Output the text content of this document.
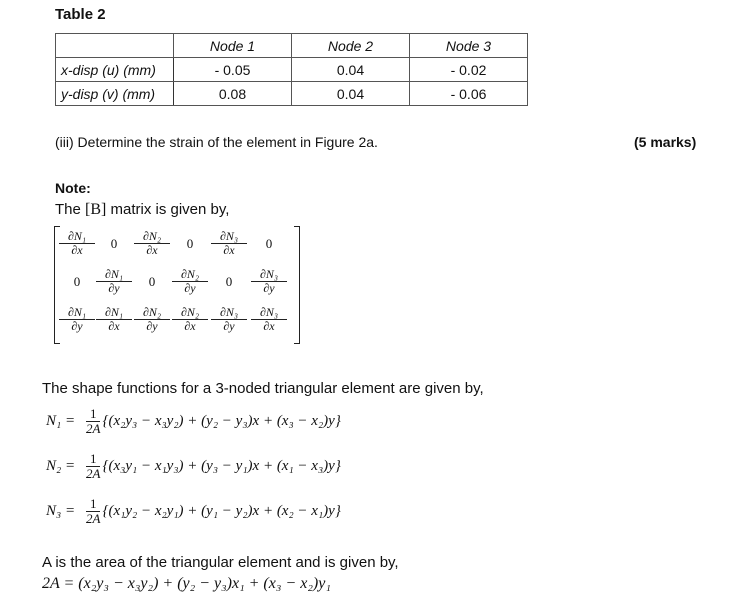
Table 2
	Node 1	Node 2	Node 3
x-disp (u) (mm)	- 0.05	0.04	- 0.02
y-disp (v) (mm)	0.08	0.04	- 0.06
(iii) Determine the strain of the element in Figure 2a.	(5 marks)
Note:
The [B] matrix is given by,
$\frac{\text{∂N₁}}{\partial x}$	0	$\frac{\text{∂N₂}}{\partial x}$	0	$\frac{\text{∂N₃}}{\partial x}$	0
0	$\frac{\text{∂N₁}}{\partial y}$	0	$\frac{\text{∂N₂}}{\partial y}$	0	$\frac{\text{∂N₃}}{\partial y}$
$\frac{\text{∂N₁}}{\partial y} \frac{\text{∂N₁}}{\partial x} \frac{\text{∂N₂}}{\partial y} \frac{\text{∂N₂}}{\partial x} \frac{\text{∂N₃}}{\partial y} \frac{\text{∂N₃}}{\partial x}$
The shape functions for a 3-noded triangular element are given by,
$N_1 = \frac{1}{2A} \{(x_2y_3 - x_3y_2) + (y_2 - y_3)x + (x_3 - x_2)y\}$
$N_2 = \frac{1}{2A} \{(x_3y_1 - x_1y_3) + (y_3 - y_1)x + (x_1 - x_3)y\}$
$N_3 = \frac{1}{2A} \{(x_1y_2 - x_2y_1) + (y_1 - y_2)x + (x_2 - x_1)y\}$
A is the area of the triangular element and is given by,
2A = (x₂y₃ − x₃y₂) + (y₂ − y₃)x₁ + (x₃ − x₂)y₁
